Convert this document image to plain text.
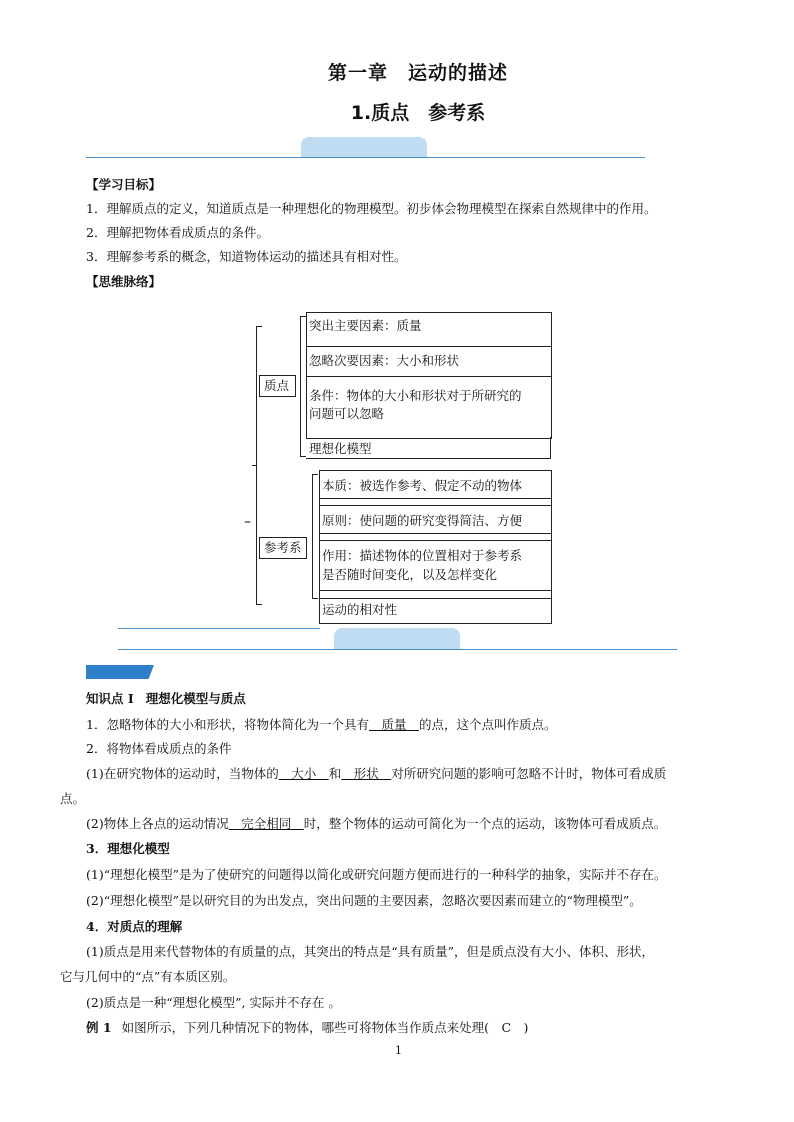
第一章　运动的描述
1.质点　参考系
【学习目标】
1．理解质点的定义，知道质点是一种理想化的物理模型。初步体会物理模型在探索自然规律中的作用。
2．理解把物体看成质点的条件。
3．理解参考系的概念，知道物体运动的描述具有相对性。
【思维脉络】
–
质点
突出主要因素：质量
忽略次要因素：大小和形状
条件：物体的大小和形状对于所研究的
问题可以忽略
理想化模型
参考系
本质：被选作参考、假定不动的物体
原则：使问题的研究变得简洁、方便
作用：描述物体的位置相对于参考系
是否随时间变化，以及怎样变化
运动的相对性
知识点 Ⅰ 理想化模型与质点
1．忽略物体的大小和形状，将物体简化为一个具有　质量　的点，这个点叫作质点。
2．将物体看成质点的条件
(1)在研究物体的运动时，当物体的　大小　和　形状　对所研究问题的影响可忽略不计时，物体可看成质
点。
(2)物体上各点的运动情况　完全相同　时，整个物体的运动可简化为一个点的运动，该物体可看成质点。
3．理想化模型
(1)“理想化模型”是为了使研究的问题得以简化或研究问题方便而进行的一种科学的抽象，实际并不存在。
(2)“理想化模型”是以研究目的为出发点，突出问题的主要因素，忽略次要因素而建立的“物理模型”。
4．对质点的理解
(1)质点是用来代替物体的有质量的点，其突出的特点是“具有质量”，但是质点没有大小、体积、形状，
它与几何中的“点”有本质区别。
(2)质点是一种“理想化模型”, 实际并不存在 。
例 1 如图所示，下列几种情况下的物体，哪些可将物体当作质点来处理(　C　)
1
